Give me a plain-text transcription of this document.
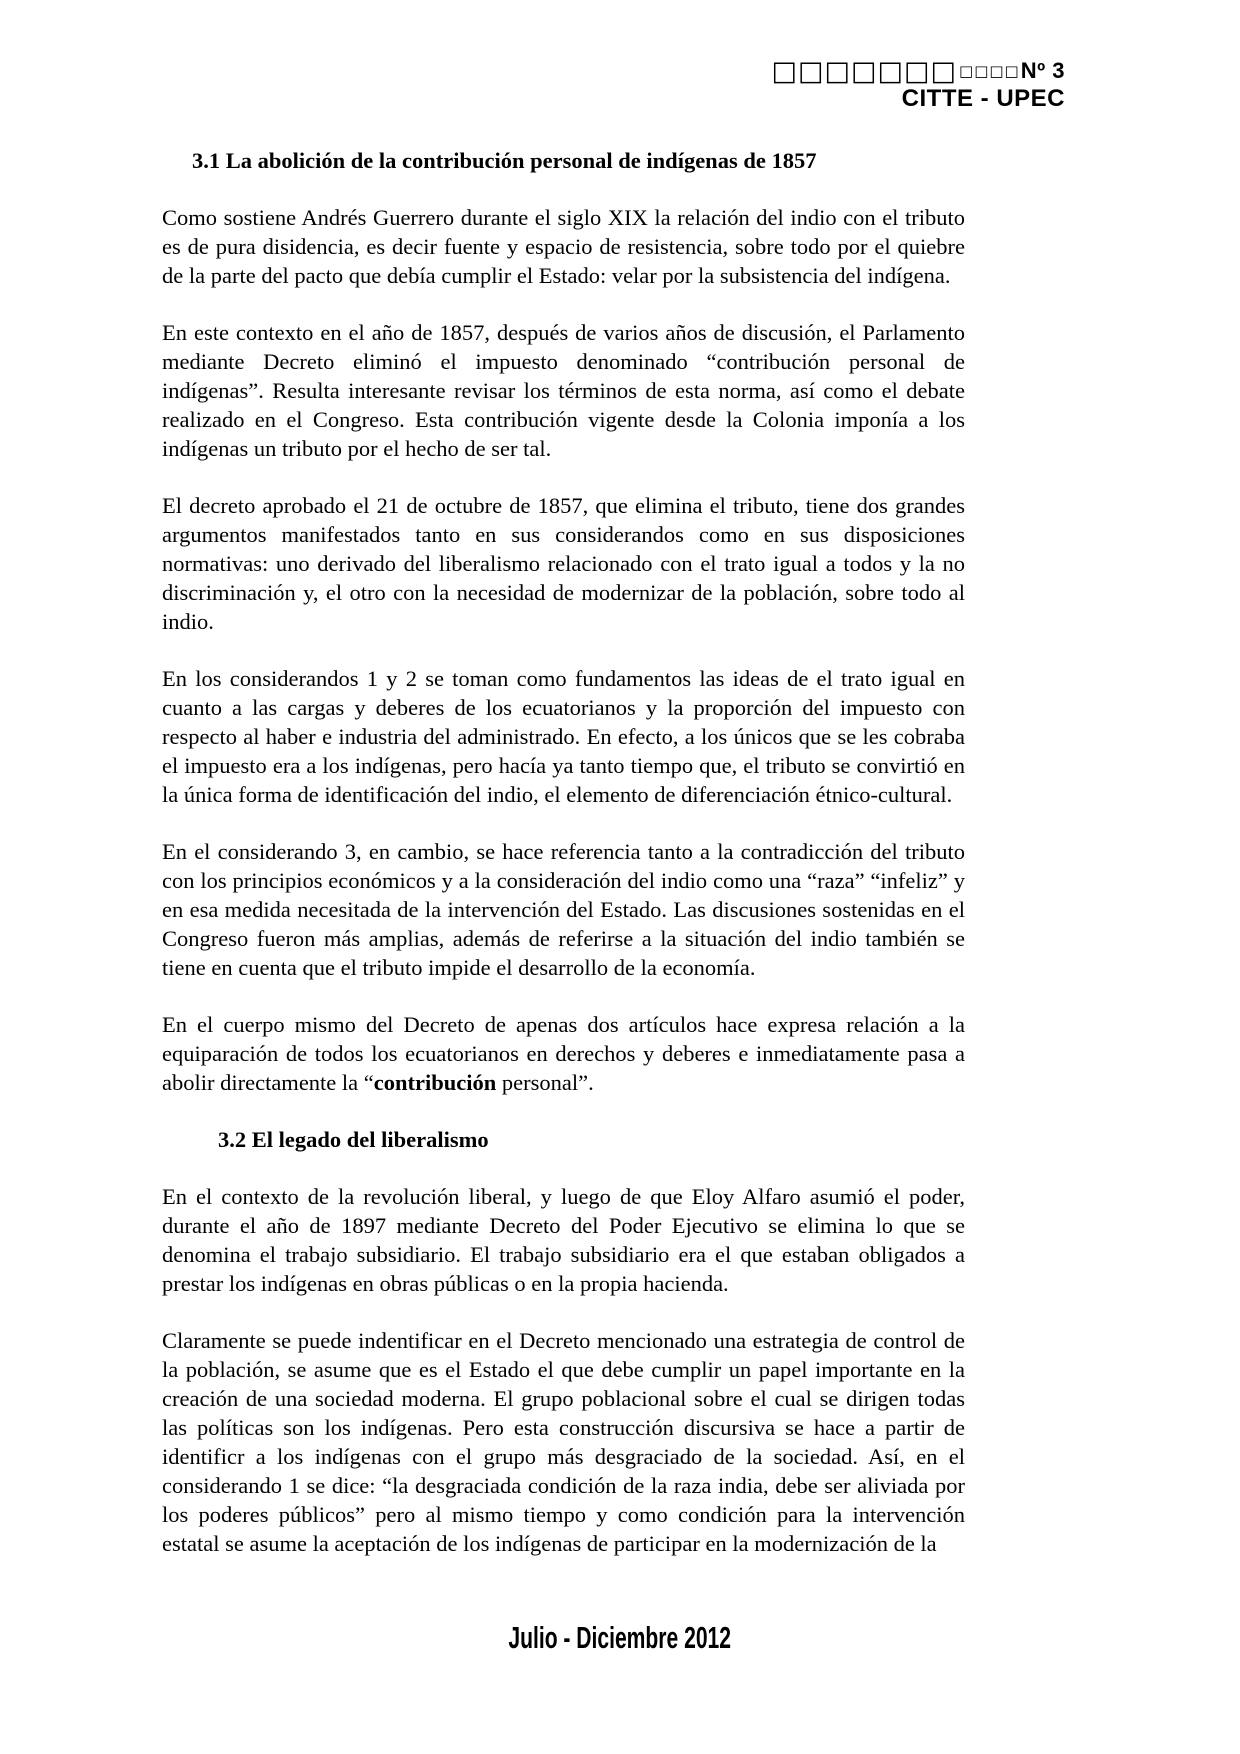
□□□□□□□ □□□□ Nº 3
CITTE - UPEC
3.1 La abolición de la contribución personal de indígenas de 1857

Como sostiene Andrés Guerrero durante el siglo XIX la relación del indio con el tributo es de pura disidencia, es decir fuente y espacio de resistencia, sobre todo por el quiebre de la parte del pacto que debía cumplir el Estado: velar por la subsistencia del indígena.

En este contexto en el año de 1857, después de varios años de discusión, el Parlamento mediante Decreto eliminó el impuesto denominado “contribución personal de indígenas”. Resulta interesante revisar los términos de esta norma, así como el debate realizado en el Congreso. Esta contribución vigente desde la Colonia imponía a los indígenas un tributo por el hecho de ser tal.

El decreto aprobado el 21 de octubre de 1857, que elimina el tributo, tiene dos grandes argumentos manifestados tanto en sus considerandos como en sus disposiciones normativas: uno derivado del liberalismo relacionado con el trato igual a todos y la no discriminación y, el otro con la necesidad de modernizar de la población, sobre todo al indio.

En los considerandos 1 y 2 se toman como fundamentos las ideas de el trato igual en cuanto a las cargas y deberes de los ecuatorianos y la proporción del impuesto con respecto al haber e industria del administrado. En efecto, a los únicos que se les cobraba el impuesto era a los indígenas, pero hacía ya tanto tiempo que, el tributo se convirtió en la única forma de identificación del indio, el elemento de diferenciación étnico-cultural.

En el considerando 3, en cambio, se hace referencia tanto a la contradicción del tributo con los principios económicos y a la consideración del indio como una “raza” “infeliz” y en esa medida necesitada de la intervención del Estado. Las discusiones sostenidas en el Congreso fueron más amplias, además de referirse a la situación del indio también se tiene en cuenta que el tributo impide el desarrollo de la economía.

En el cuerpo mismo del Decreto de apenas dos artículos hace expresa relación a la equiparación de todos los ecuatorianos en derechos y deberes e inmediatamente pasa a abolir directamente la “contribución personal”.

3.2 El legado del liberalismo

En el contexto de la revolución liberal, y luego de que Eloy Alfaro asumió el poder, durante el año de 1897 mediante Decreto del Poder Ejecutivo se elimina lo que se denomina el trabajo subsidiario. El trabajo subsidiario era el que estaban obligados a prestar los indígenas en obras públicas o en la propia hacienda.

Claramente se puede indentificar en el Decreto mencionado una estrategia de control de la población, se asume que es el Estado el que debe cumplir un papel importante en la creación de una sociedad moderna. El grupo poblacional sobre el cual se dirigen todas las políticas son los indígenas. Pero esta construcción discursiva se hace a partir de identificr a los indígenas con el grupo más desgraciado de la sociedad. Así, en el considerando 1 se dice: “la desgraciada condición de la raza india, debe ser aliviada por los poderes públicos” pero al mismo tiempo y como condición para la intervención estatal se asume la aceptación de los indígenas de participar en la modernización de la

Julio - Diciembre 2012
